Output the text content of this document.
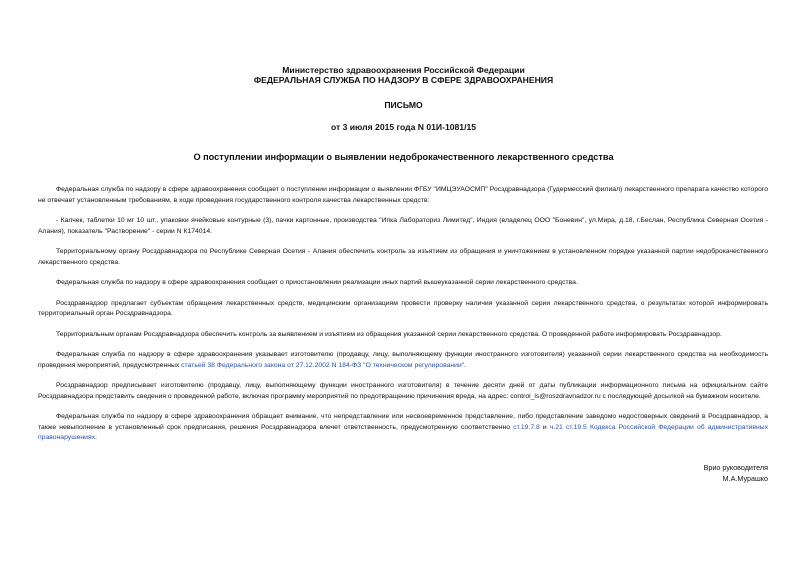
Министерство здравоохранения Российской Федерации
ФЕДЕРАЛЬНАЯ СЛУЖБА ПО НАДЗОРУ В СФЕРЕ ЗДРАВООХРАНЕНИЯ
ПИСЬМО
от 3 июля 2015 года N 01И-1081/15
О поступлении информации о выявлении недоброкачественного лекарственного средства

Федеральная служба по надзору в сфере здравоохранения сообщает о поступлении информации о выявлении ФГБУ "ИМЦЭУАОСМП" Росздравнадзора (Гудермесский филиал) лекарственного препарата качество которого не отвечает установленным требованиям, в ходе проведения государственного контроля качества лекарственных средств:

- Калчек, таблетки 10 мг 10 шт., упаковки ячейковые контурные (3), пачки картонные, производства "Ипка Лабораториз Лимитед", Индия (владелец ООО "Боневин", ул.Мира, д.18, г.Беслан, Республика Северная Осетия - Алания), показатель "Растворение" - серии N К174014.

Территориальному органу Росздравнадзора по Республике Северная Осетия - Алания обеспечить контроль за изъятием из обращения и уничтожением в установленном порядке указанной партии недоброкачественного лекарственного средства.

Федеральная служба по надзору в сфере здравоохранения сообщает о приостановлении реализации иных партий вышеуказанной серии лекарственного средства.

Росздравнадзор предлагает субъектам обращения лекарственных средств, медицинским организациям провести проверку наличия указанной серии лекарственного средства, о результатах которой информировать территориальный орган Росздравнадзора.

Территориальным органам Росздравнадзора обеспечить контроль за выявлением и изъятием из обращения указанной серии лекарственного средства. О проведенной работе информировать Росздравнадзор.

Федеральная служба по надзору в сфере здравоохранения указывает изготовителю (продавцу, лицу, выполняющему функции иностранного изготовителя) указанной серии лекарственного средства на необходимость проведения мероприятий, предусмотренных статьей 38 Федерального закона от 27.12.2002 N 184-ФЗ "О техническом регулировании".

Росздравнадзор предписывает изготовителю (продавцу, лицу, выполняющему функции иностранного изготовителя) в течение десяти дней от даты публикации информационного письма на официальном сайте Росздравнадзора представить сведения о проведенной работе, включая программу мероприятий по предотвращению причинения вреда, на адрес: control_ls@roszdravnadzor.ru с последующей досылкой на бумажном носителе.

Федеральная служба по надзору в сфере здравоохранения обращает внимание, что непредставление или несвоевременное представление, либо представление заведомо недостоверных сведений в Росздравнадзор, а также невыполнение в установленный срок предписания, решения Росздравнадзора влечет ответственность, предусмотренную соответственно ст.19.7.8 и ч.21 ст.19.5 Кодекса Российской Федерации об административных правонарушениях.

Врио руководителя
М.А.Мурашко
